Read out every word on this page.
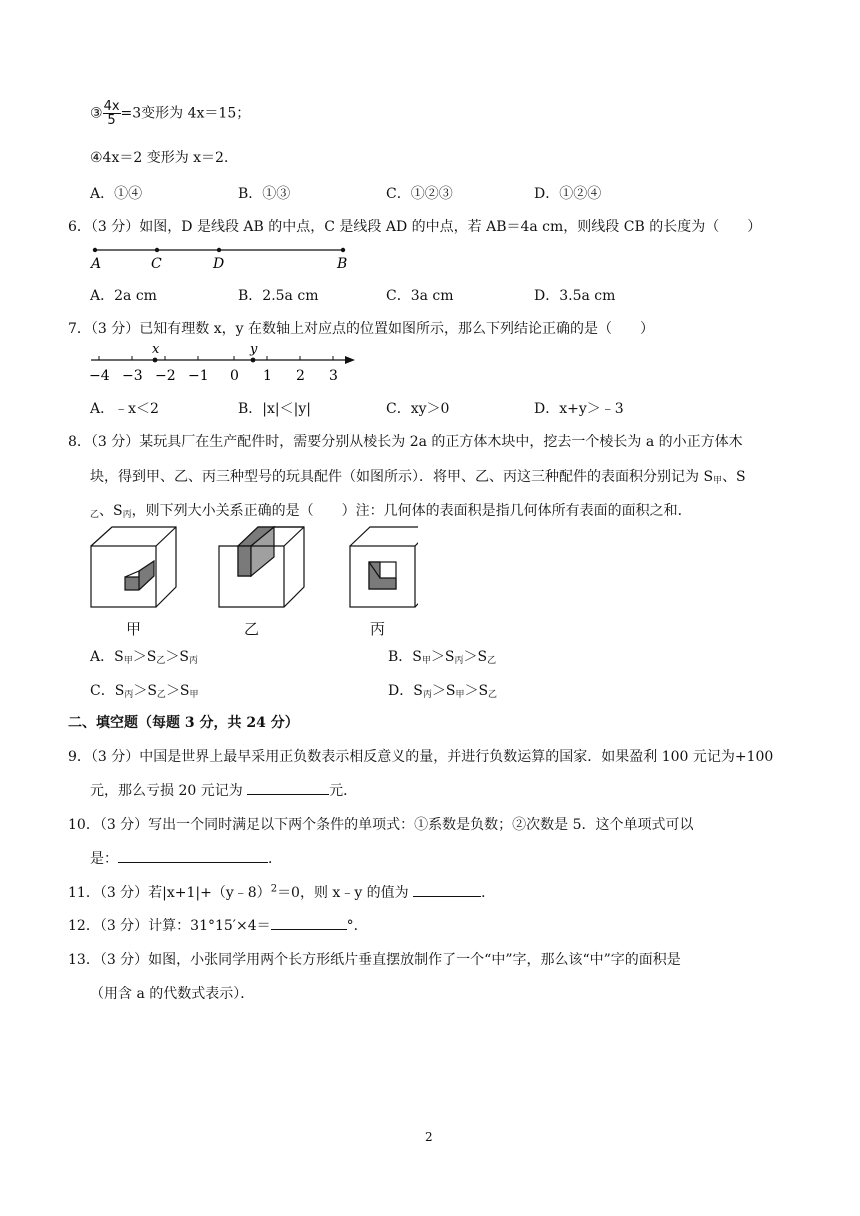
③ $\frac{4x}{5} =3$变形为 4x＝15；
④4x＝2 变形为 x＝2．
A．①④	B．①③	C．①②③	D．①②④
6．（3 分）如图，D 是线段 AB 的中点，C 是线段 AD 的中点，若 AB＝4a cm，则线段 CB 的长度为（　　）
A	C	D	B
A．2a cm	B．2.5a cm	C．3a cm	D．3.5a cm
7．（3 分）已知有理数 x，y 在数轴上对应点的位置如图所示，那么下列结论正确的是（　　）
x	y
−4 −3 −2 −1 0 1 2 3
A．﹣x＜2	B．|x|＜|y|	C．xy＞0	D．x+y＞﹣3
8．（3 分）某玩具厂在生产配件时，需要分别从棱长为 2a 的正方体木块中，挖去一个棱长为 a 的小正方体木
块，得到甲、乙、丙三种型号的玩具配件（如图所示）．将甲、乙、丙这三种配件的表面积分别记为 $S_甲$、S
$_乙$、$S_丙$，则下列大小关系正确的是（　　）注：几何体的表面积是指几何体所有表面的面积之和．
甲	乙	丙
A．$S_甲>S_乙>S_丙$	B．$S_甲>S_丙>S_乙$
C．$S_丙>S_乙>S_甲$	D．$S_丙>S_甲>S_乙$
二、填空题（每题 3 分，共 24 分）
9．（3 分）中国是世界上最早采用正负数表示相反意义的量，并进行负数运算的国家．如果盈利 100 元记为+100
元，那么亏损 20 元记为	元．
10．（3 分）写出一个同时满足以下两个条件的单项式：①系数是负数；②次数是 5．这个单项式可以
是：	．
11．（3 分）若|x+1|+（y﹣8）$^2$＝0，则 x﹣y 的值为	．
12．（3 分）计算：31°15′×4＝	°．
13．（3 分）如图，小张同学用两个长方形纸片垂直摆放制作了一个“中”字，那么该“中”字的面积是
（用含 a 的代数式表示）．
2
